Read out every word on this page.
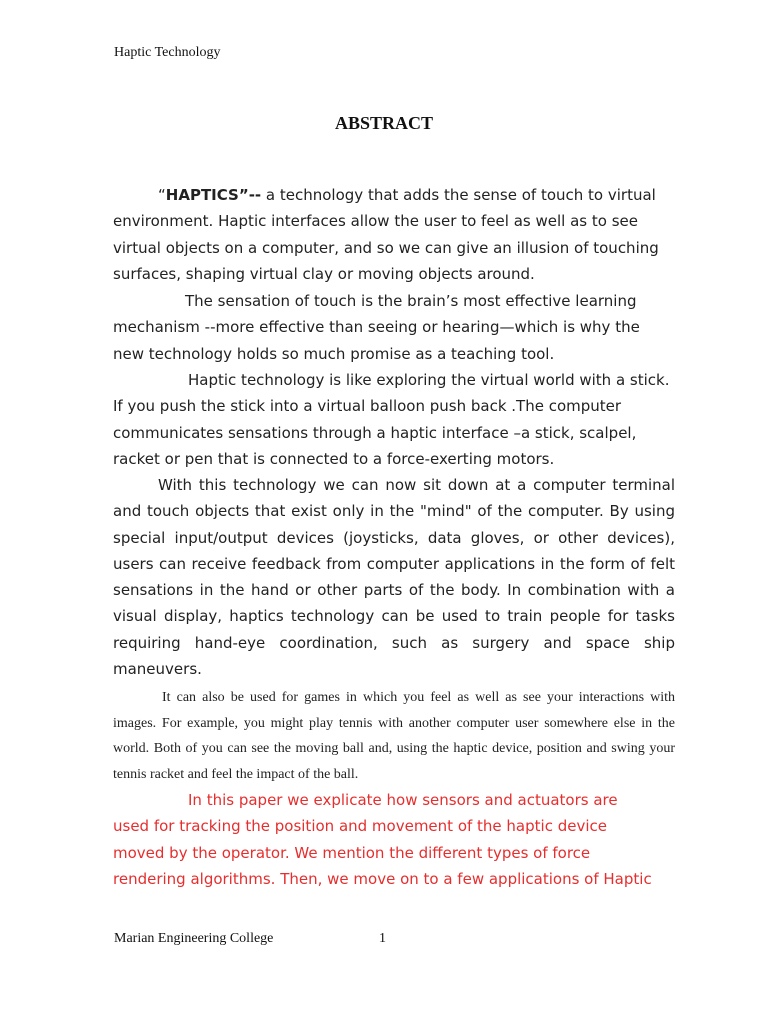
Haptic Technology
ABSTRACT

“HAPTICS”-- a technology that adds the sense of touch to virtual

environment. Haptic interfaces allow the user to feel as well as to see

virtual objects on a computer, and so we can give an illusion of touching

surfaces, shaping virtual clay or moving objects around.

The sensation of touch is the brain’s most effective learning

mechanism --more effective than seeing or hearing—which is why the

new technology holds so much promise as a teaching tool.

Haptic technology is like exploring the virtual world with a stick.

If you push the stick into a virtual balloon push back .The computer

communicates sensations through a haptic interface –a stick, scalpel,

racket or pen that is connected to a force-exerting motors.

With this technology we can now sit down at a computer terminal and touch objects that exist only in the "mind" of the computer. By using special input/output devices (joysticks, data gloves, or other devices), users can receive feedback from computer applications in the form of felt sensations in the hand or other parts of the body. In combination with a visual display, haptics technology can be used to train people for tasks requiring hand-eye coordination, such as surgery and space ship maneuvers.

It can also be used for games in which you feel as well as see your interactions with images. For example, you might play tennis with another computer user somewhere else in the world. Both of you can see the moving ball and, using the haptic device, position and swing your tennis racket and feel the impact of the ball.

In this paper we explicate how sensors and actuators are

used for tracking the position and movement of the haptic device

moved by the operator. We mention the different types of force

rendering algorithms. Then, we move on to a few applications of Haptic

Marian Engineering College	1
